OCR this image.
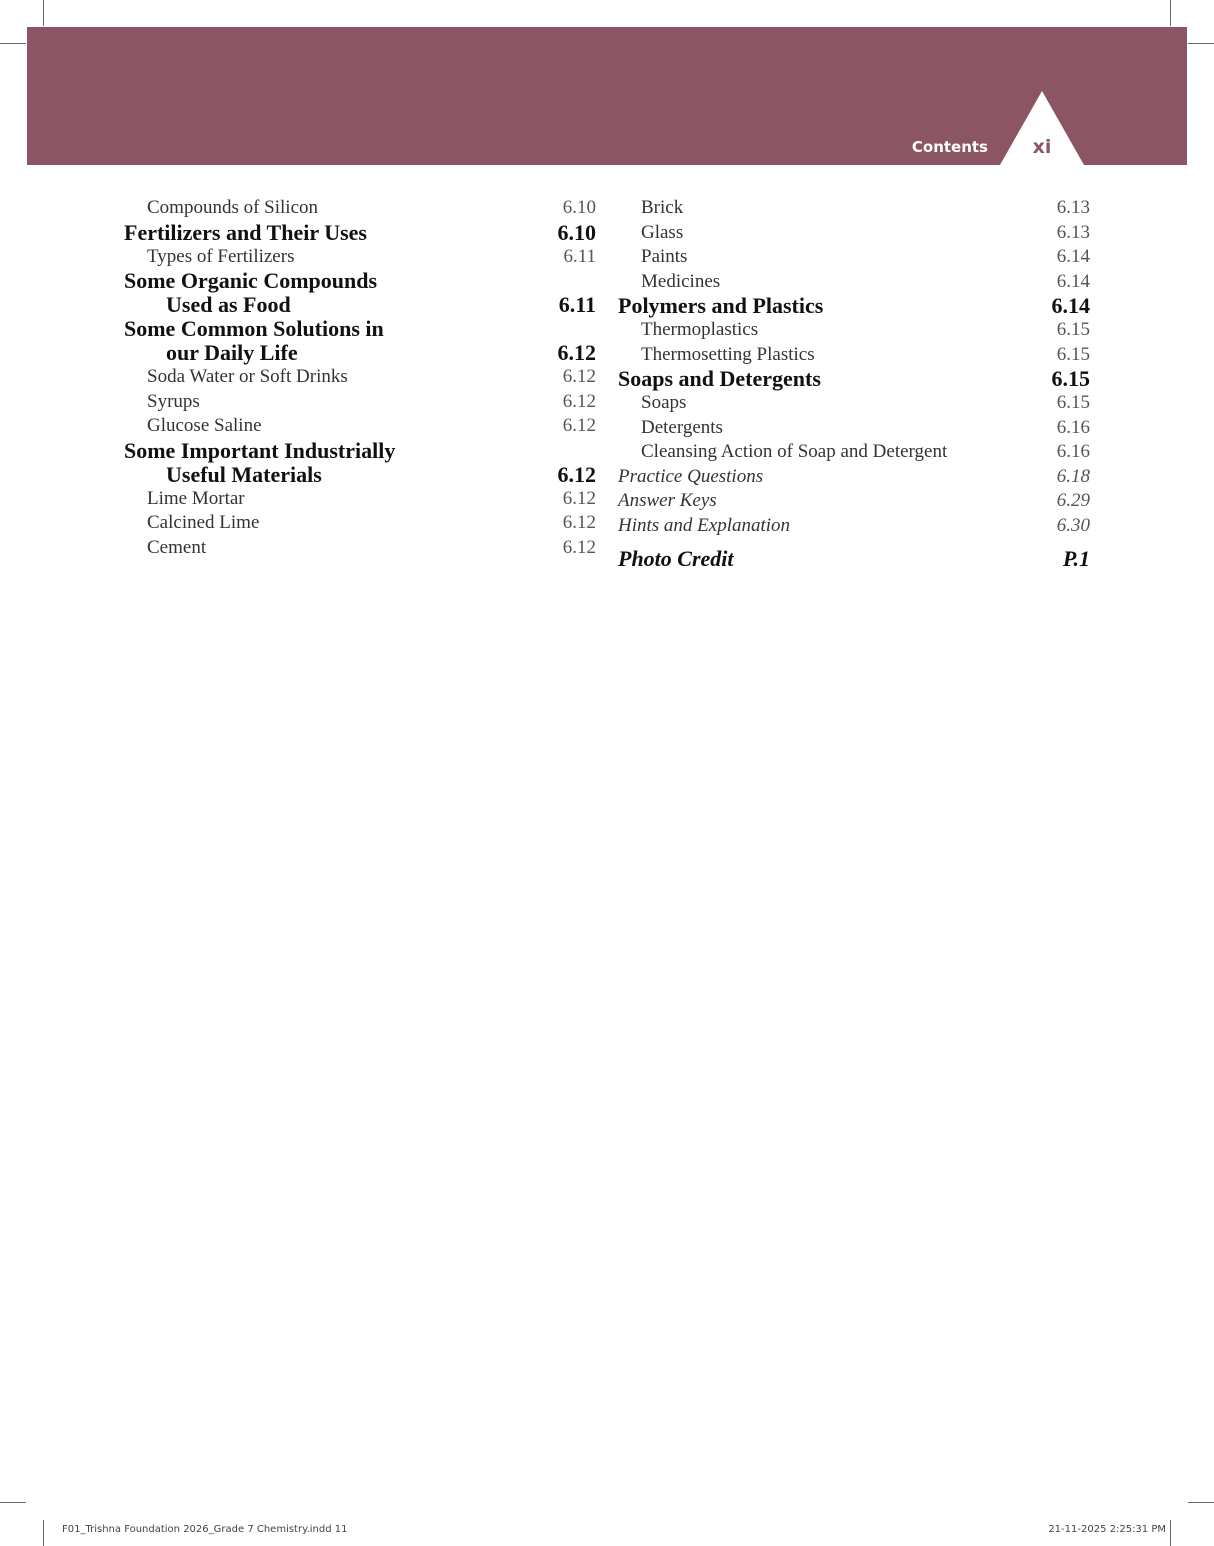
Contents	xi
Compounds of Silicon	6.10
Fertilizers and Their Uses	6.10
Types of Fertilizers	6.11
Some Organic Compounds
Used as Food	6.11
Some Common Solutions in
our Daily Life	6.12
Soda Water or Soft Drinks	6.12
Syrups	6.12
Glucose Saline	6.12
Some Important Industrially
Useful Materials	6.12
Lime Mortar	6.12
Calcined Lime	6.12
Cement	6.12
Brick	6.13
Glass	6.13
Paints	6.14
Medicines	6.14
Polymers and Plastics	6.14
Thermoplastics	6.15
Thermosetting Plastics	6.15
Soaps and Detergents	6.15
Soaps	6.15
Detergents	6.16
Cleansing Action of Soap and Detergent	6.16
Practice Questions	6.18
Answer Keys	6.29
Hints and Explanation	6.30
Photo Credit	P.1
F01_Trishna Foundation 2026_Grade 7 Chemistry.indd 11	21-11-2025 2:25:31 PM
